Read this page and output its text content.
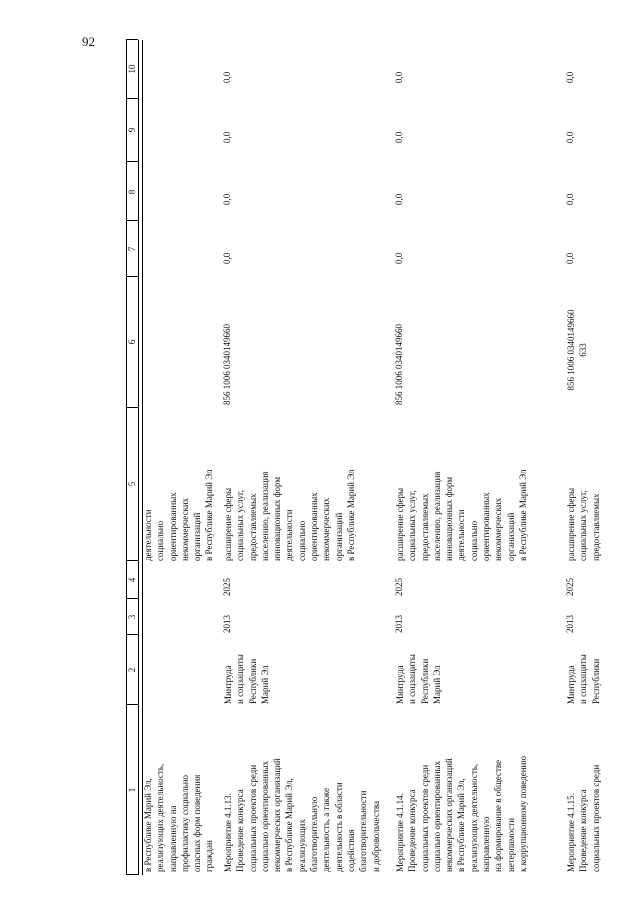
92
1
2
3
4
5
6
7
8
9
10
в Республике Марий Эл,
реализующих деятельность,
направленную на
профилактику социально
опасных форм поведения
граждан
деятельности
социально
ориентированных
некоммерческих
организаций
в Республике Марий Эл
Мероприятие 4.1.13.
Проведение конкурса
социальных проектов среди
социально ориентированных
некоммерческих организаций
в Республике Марий Эл,
реализующих
благотворительную
деятельность, а также
деятельность в области
содействия
благотворительности
и добровольчества
Минтруда
и соцзащиты
Республики
Марий Эл
2013
2025
расширение сферы
социальных услуг,
предоставляемых
населению, реализация
инновационных форм
деятельности
социально
ориентированных
некоммерческих
организаций
в Республике Марий Эл
856 1006 0340149660
0,0
0,0
0,0
0,0
Мероприятие 4.1.14.
Проведение конкурса
социальных проектов среди
социально ориентированных
некоммерческих организаций
в Республике Марий Эл,
реализующих деятельность,
направленную
на формирование в обществе
нетерпимости
к коррупционному поведению
Минтруда
и соцзащиты
Республики
Марий Эл
2013
2025
расширение сферы
социальных услуг,
предоставляемых
населению, реализация
инновационных форм
деятельности
социально
ориентированных
некоммерческих
организаций
в Республике Марий Эл
856 1006 0340149660
0,0
0,0
0,0
0,0
Мероприятие 4.1.15.
Проведение конкурса
социальных проектов среди
Минтруда
и соцзащиты
Республики
2013
2025
расширение сферы
социальных услуг,
предоставляемых
856 1006 0340149660
633
0,0
0,0
0,0
0,0
